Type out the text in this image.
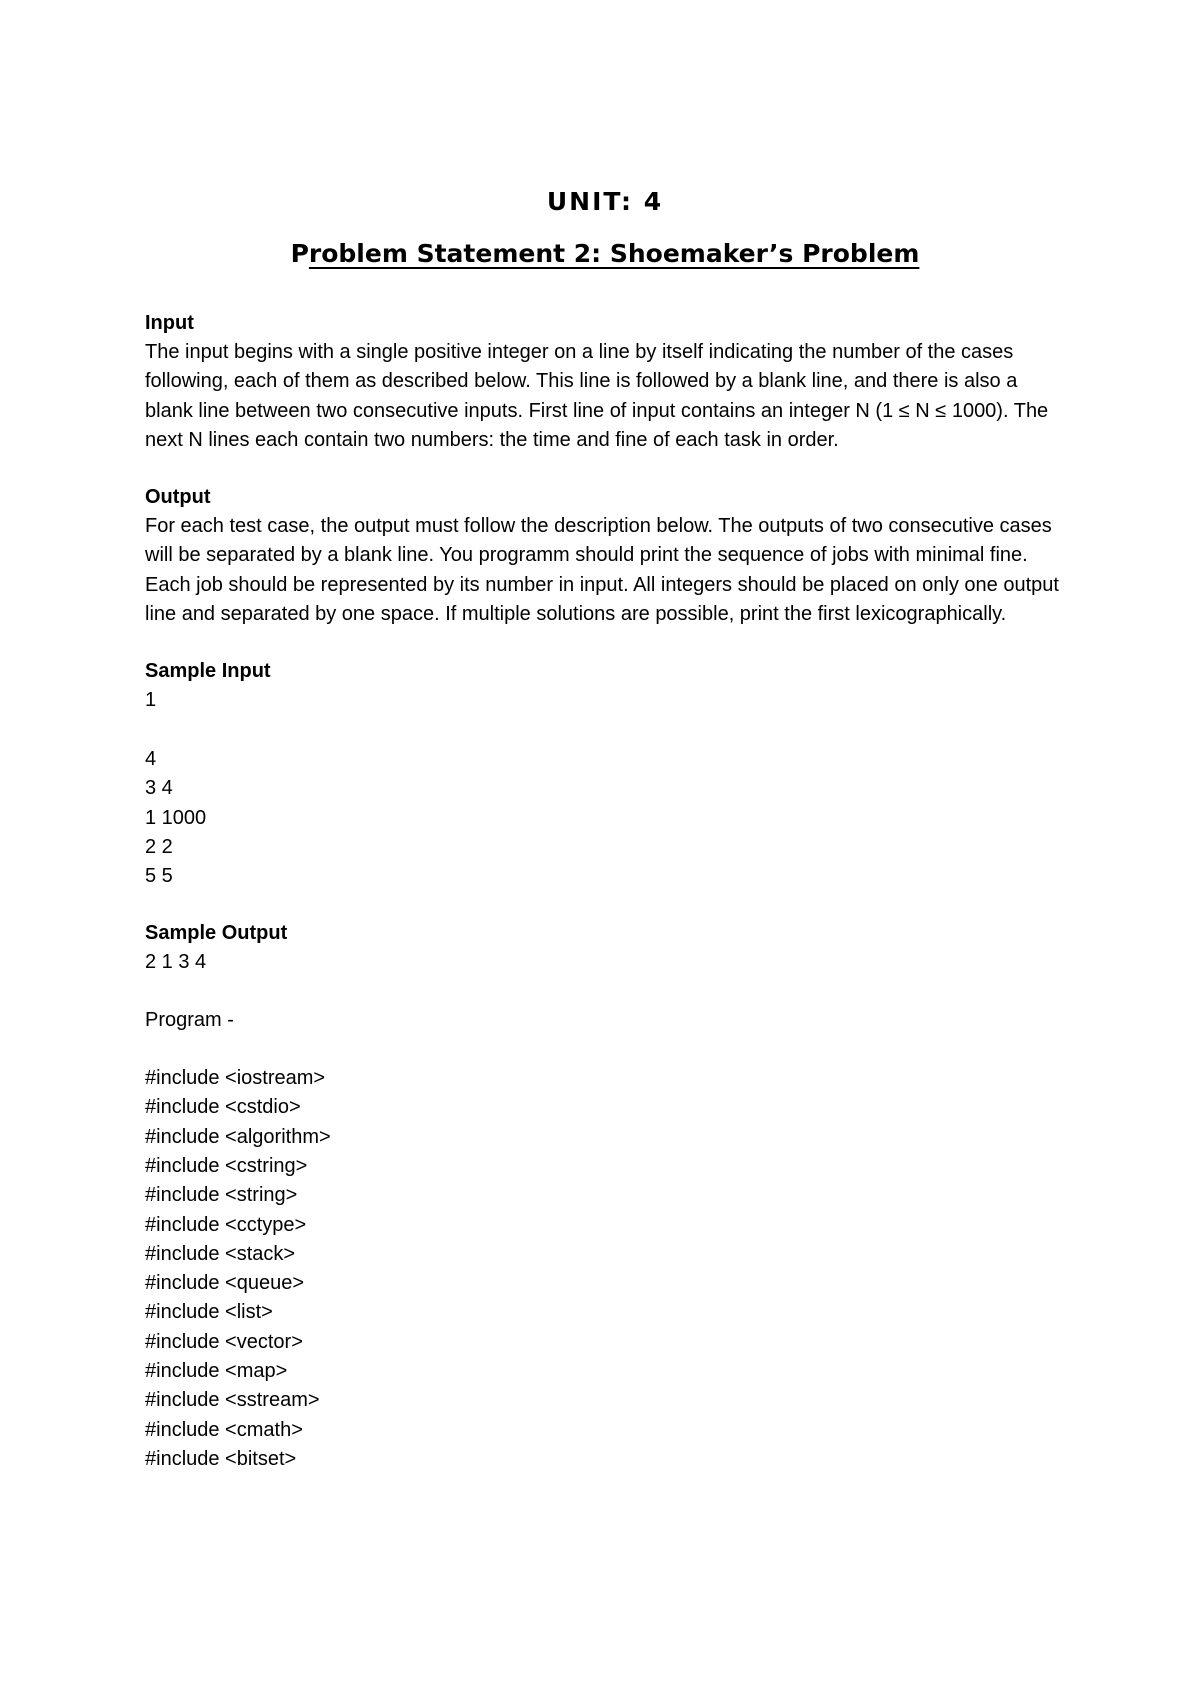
UNIT: 4
Problem Statement 2: Shoemaker’s Problem
Input
The input begins with a single positive integer on a line by itself indicating the number of the cases following, each of them as described below. This line is followed by a blank line, and there is also a blank line between two consecutive inputs. First line of input contains an integer N (1 ≤ N ≤ 1000). The next N lines each contain two numbers: the time and fine of each task in order.
Output
For each test case, the output must follow the description below. The outputs of two consecutive cases will be separated by a blank line. You programm should print the sequence of jobs with minimal fine. Each job should be represented by its number in input. All integers should be placed on only one output line and separated by one space. If multiple solutions are possible, print the first lexicographically.
Sample Input
1
4
3 4
1 1000
2 2
5 5
Sample Output
2 1 3 4
Program -
#include <iostream>
#include <cstdio>
#include <algorithm>
#include <cstring>
#include <string>
#include <cctype>
#include <stack>
#include <queue>
#include <list>
#include <vector>
#include <map>
#include <sstream>
#include <cmath>
#include <bitset>
